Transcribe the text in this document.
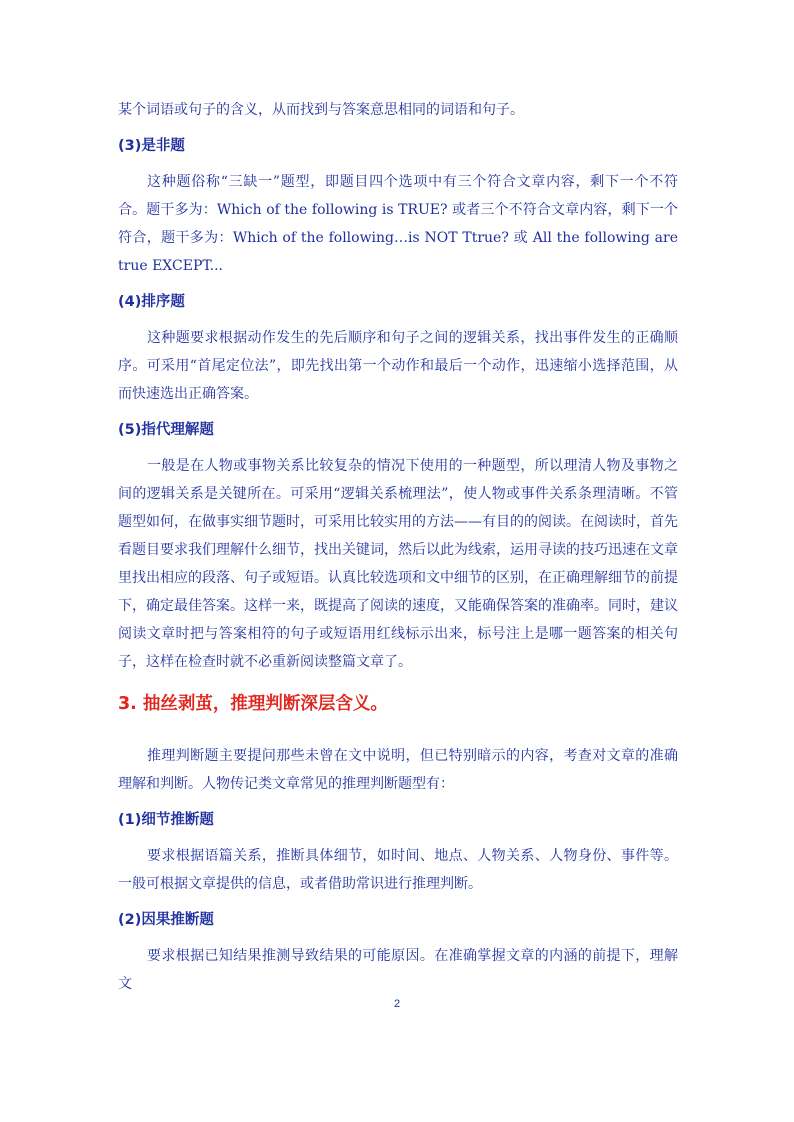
某个词语或句子的含义，从而找到与答案意思相同的词语和句子。

(3)是非题

这种题俗称“三缺一”题型，即题目四个选项中有三个符合文章内容，剩下一个不符合。题干多为：Which of the following is TRUE? 或者三个不符合文章内容，剩下一个符合，题干多为：Which of the following…is NOT Ttrue? 或 All the following are true EXCEPT...

(4)排序题

这种题要求根据动作发生的先后顺序和句子之间的逻辑关系，找出事件发生的正确顺序。可采用“首尾定位法”，即先找出第一个动作和最后一个动作，迅速缩小选择范围，从而快速选出正确答案。

(5)指代理解题

一般是在人物或事物关系比较复杂的情况下使用的一种题型，所以理清人物及事物之间的逻辑关系是关键所在。可采用“逻辑关系梳理法”，使人物或事件关系条理清晰。不管题型如何，在做事实细节题时，可采用比较实用的方法——有目的的阅读。在阅读时，首先看题目要求我们理解什么细节，找出关键词，然后以此为线索，运用寻读的技巧迅速在文章里找出相应的段落、句子或短语。认真比较选项和文中细节的区别，在正确理解细节的前提下，确定最佳答案。这样一来，既提高了阅读的速度，又能确保答案的准确率。同时，建议阅读文章时把与答案相符的句子或短语用红线标示出来，标号注上是哪一题答案的相关句子，这样在检查时就不必重新阅读整篇文章了。

3. 抽丝剥茧，推理判断深层含义。

推理判断题主要提问那些未曾在文中说明，但已特别暗示的内容，考查对文章的准确理解和判断。人物传记类文章常见的推理判断题型有：

(1)细节推断题

要求根据语篇关系，推断具体细节，如时间、地点、人物关系、人物身份、事件等。一般可根据文章提供的信息，或者借助常识进行推理判断。

(2)因果推断题

要求根据已知结果推测导致结果的可能原因。在准确掌握文章的内涵的前提下，理解文

2
